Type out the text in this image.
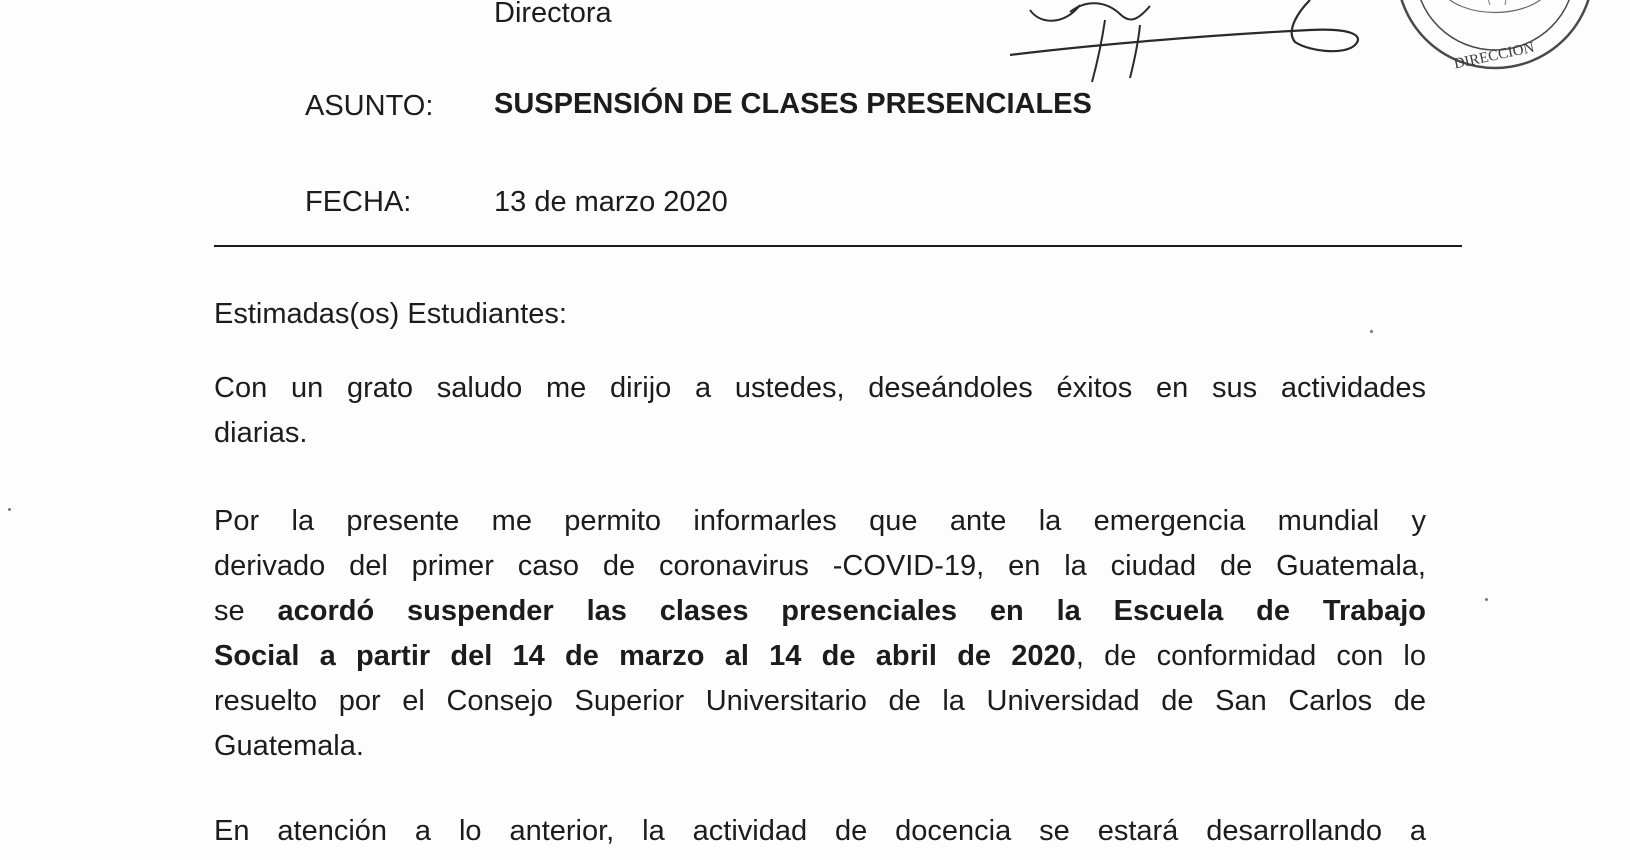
Directora
DIRECCION
ASUNTO: SUSPENSIÓN DE CLASES PRESENCIALES
FECHA:	13 de marzo 2020
Estimadas(os) Estudiantes:
Con un grato saludo me dirijo a ustedes, deseándoles éxitos en sus actividades
diarias.
Por la presente me permito informarles que ante la emergencia mundial y
derivado del primer caso de coronavirus -COVID-19, en la ciudad de Guatemala,
se acordó suspender las clases presenciales en la Escuela de Trabajo
Social a partir del 14 de marzo al 14 de abril de 2020, de conformidad con lo
resuelto por el Consejo Superior Universitario de la Universidad de San Carlos de
Guatemala.
En atención a lo anterior, la actividad de docencia se estará desarrollando a
